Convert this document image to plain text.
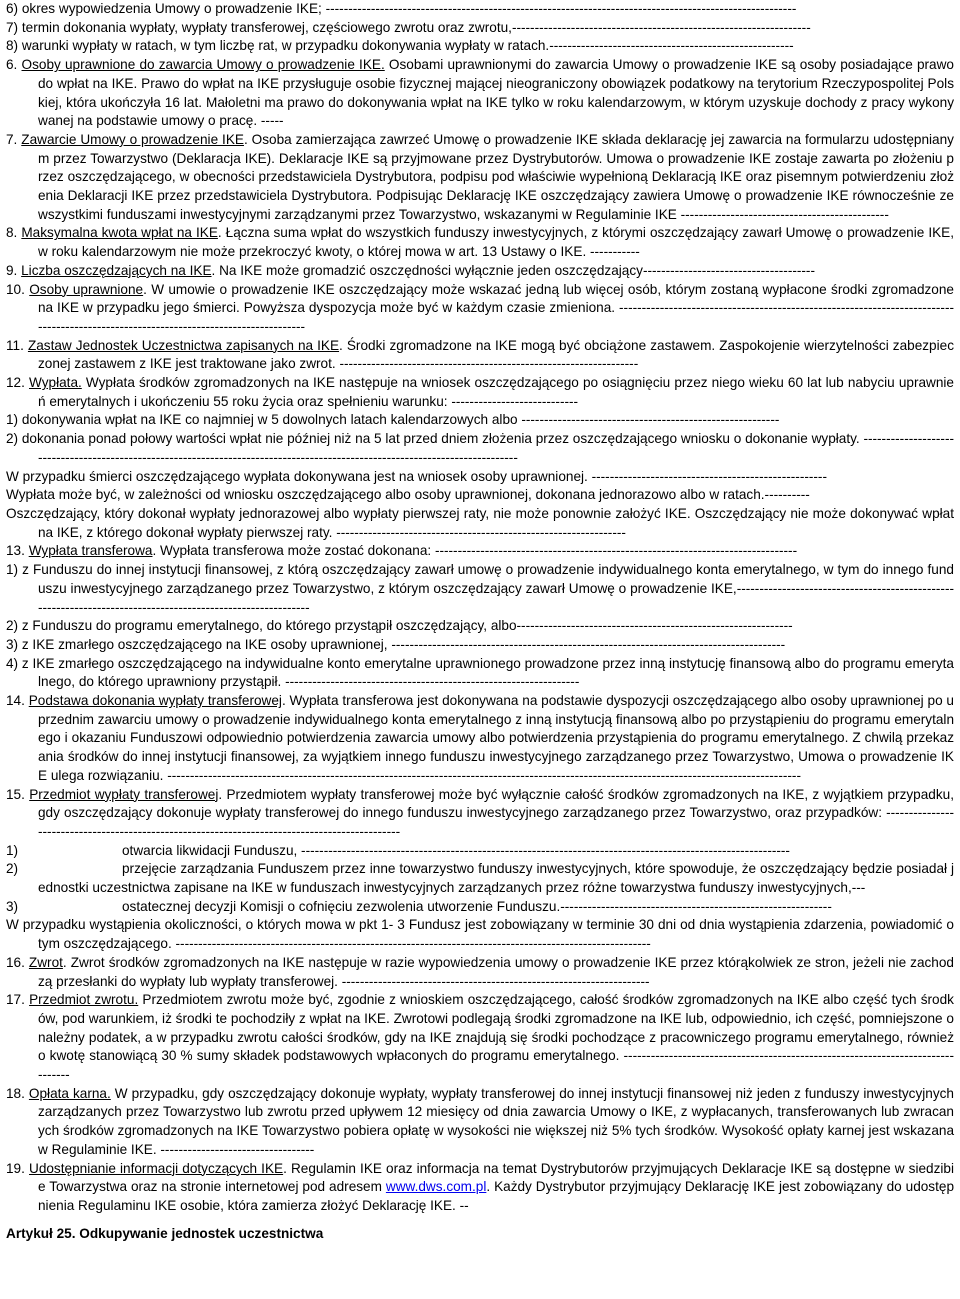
6) okres wypowiedzenia Umowy o prowadzenie IKE; --------------------------------------------------------------------------------------------------------

7) termin dokonania wypłaty, wypłaty transferowej, częściowego zwrotu oraz zwrotu,------------------------------------------------------------------

8) warunki wypłaty w ratach, w tym liczbę rat, w przypadku dokonywania wypłaty w ratach.------------------------------------------------------

6. Osoby uprawnione do zawarcia Umowy o prowadzenie IKE. Osobami uprawnionymi do zawarcia Umowy o prowadzenie IKE są osoby posiadające prawo do wpłat na IKE. Prawo do wpłat na IKE przysługuje osobie fizycznej mającej nieograniczony obowiązek podatkowy na terytorium Rzeczypospolitej Polskiej, która ukończyła 16 lat. Małoletni ma prawo do dokonywania wpłat na IKE tylko w roku kalendarzowym, w którym uzyskuje dochody z pracy wykonywanej na podstawie umowy o pracę. -----

7. Zawarcie Umowy o prowadzenie IKE. Osoba zamierzająca zawrzeć Umowę o prowadzenie IKE składa deklarację jej zawarcia na formularzu udostępnianym przez Towarzystwo (Deklaracja IKE). Deklaracje IKE są przyjmowane przez Dystrybutorów. Umowa o prowadzenie IKE zostaje zawarta po złożeniu przez oszczędzającego, w obecności przedstawiciela Dystrybutora, podpisu pod właściwie wypełnioną Deklaracją IKE oraz pisemnym potwierdzeniu złożenia Deklaracji IKE przez przedstawiciela Dystrybutora. Podpisując Deklarację IKE oszczędzający zawiera Umowę o prowadzenie IKE równocześnie ze wszystkimi funduszami inwestycyjnymi zarządzanymi przez Towarzystwo, wskazanymi w Regulaminie IKE ----------------------------------------------

8. Maksymalna kwota wpłat na IKE. Łączna suma wpłat do wszystkich funduszy inwestycyjnych, z którymi oszczędzający zawarł Umowę o prowadzenie IKE, w roku kalendarzowym nie może przekroczyć kwoty, o której mowa w art. 13 Ustawy o IKE. -----------

9. Liczba oszczędzających na IKE. Na IKE może gromadzić oszczędności wyłącznie jeden oszczędzający--------------------------------------

10. Osoby uprawnione. W umowie o prowadzenie IKE oszczędzający może wskazać jedną lub więcej osób, którym zostaną wypłacone środki zgromadzone na IKE w przypadku jego śmierci. Powyższa dyspozycja może być w każdym czasie zmieniona. -------------------------------------------------------------------------------------------------------------------------------------

11. Zastaw Jednostek Uczestnictwa zapisanych na IKE. Środki zgromadzone na IKE mogą być obciążone zastawem. Zaspokojenie wierzytelności zabezpieczonej zastawem z IKE jest traktowane jako zwrot. ------------------------------------------------------------------

12. Wypłata. Wypłata środków zgromadzonych na IKE następuje na wniosek oszczędzającego po osiągnięciu przez niego wieku 60 lat lub nabyciu uprawnień emerytalnych i ukończeniu 55 roku życia oraz spełnieniu warunku: ----------------------------

1) dokonywania wpłat na IKE co najmniej w 5 dowolnych latach kalendarzowych albo ---------------------------------------------------------

2) dokonania ponad połowy wartości wpłat nie później niż na 5 lat przed dniem złożenia przez oszczędzającego wniosku o dokonanie wypłaty. ------------------------------------------------------------------------------------------------------------------------------

W przypadku śmierci oszczędzającego wypłata dokonywana jest na wniosek osoby uprawnionej. ----------------------------------------------------

Wypłata może być, w zależności od wniosku oszczędzającego albo osoby uprawnionej, dokonana jednorazowo albo w ratach.----------

Oszczędzający, który dokonał wypłaty jednorazowej albo wypłaty pierwszej raty, nie może ponownie założyć IKE. Oszczędzający nie może dokonywać wpłat na IKE, z którego dokonał wypłaty pierwszej raty. ----------------------------------------------------------------

13. Wypłata transferowa. Wypłata transferowa może zostać dokonana: --------------------------------------------------------------------------------

1) z Funduszu do innej instytucji finansowej, z którą oszczędzający zawarł umowę o prowadzenie indywidualnego konta emerytalnego, w tym do innego funduszu inwestycyjnego zarządzanego przez Towarzystwo, z którym oszczędzający zawarł Umowę o prowadzenie IKE,------------------------------------------------------------------------------------------------------------

2) z Funduszu do programu emerytalnego, do którego przystąpił oszczędzający, albo-------------------------------------------------------------

3) z IKE zmarłego oszczędzającego na IKE osoby uprawnionej, ---------------------------------------------------------------------------------------

4) z IKE zmarłego oszczędzającego na indywidualne konto emerytalne uprawnionego prowadzone przez inną instytucję finansową albo do programu emerytalnego, do którego uprawniony przystąpił. -----------------------------------------------------------------

14. Podstawa dokonania wypłaty transferowej. Wypłata transferowa jest dokonywana na podstawie dyspozycji oszczędzającego albo osoby uprawnionej po uprzednim zawarciu umowy o prowadzenie indywidualnego konta emerytalnego z inną instytucją finansową albo po przystąpieniu do programu emerytalnego i okazaniu Funduszowi odpowiednio potwierdzenia zawarcia umowy albo potwierdzenia przystąpienia do programu emerytalnego. Z chwilą przekazania środków do innej instytucji finansowej, za wyjątkiem innego funduszu inwestycyjnego zarządzanego przez Towarzystwo, Umowa o prowadzenie IKE ulega rozwiązaniu. --------------------------------------------------------------------------------------------------------------------------------------------

15. Przedmiot wypłaty transferowej. Przedmiotem wypłaty transferowej może być wyłącznie całość środków zgromadzonych na IKE, z wyjątkiem przypadku, gdy oszczędzający dokonuje wypłaty transferowej do innego funduszu inwestycyjnego zarządzanego przez Towarzystwo, oraz przypadków: -----------------------------------------------------------------------------------------------

1)	otwarcia likwidacji Funduszu, ------------------------------------------------------------------------------------------------------------

2)	przejęcie zarządzania Funduszem przez inne towarzystwo funduszy inwestycyjnych, które spowoduje, że oszczędzający będzie posiadał jednostki uczestnictwa zapisane na IKE w funduszach inwestycyjnych zarządzanych przez różne towarzystwa funduszy inwestycyjnych,---

3)	ostatecznej decyzji Komisji o cofnięciu zezwolenia utworzenie Funduszu.------------------------------------------------------------

W przypadku wystąpienia okoliczności, o których mowa w pkt 1- 3 Fundusz jest zobowiązany w terminie 30 dni od dnia wystąpienia zdarzenia, powiadomić o tym oszczędzającego. ---------------------------------------------------------------------------------------------------------

16. Zwrot. Zwrot środków zgromadzonych na IKE następuje w razie wypowiedzenia umowy o prowadzenie IKE przez którąkolwiek ze stron, jeżeli nie zachodzą przesłanki do wypłaty lub wypłaty transferowej. --------------------------------------------------------------------

17. Przedmiot zwrotu. Przedmiotem zwrotu może być, zgodnie z wnioskiem oszczędzającego, całość środków zgromadzonych na IKE albo część tych środków, pod warunkiem, iż środki te pochodziły z wpłat na IKE. Zwrotowi podlegają środki zgromadzone na IKE lub, odpowiednio, ich część, pomniejszone o należny podatek, a w przypadku zwrotu całości środków, gdy na IKE znajdują się środki pochodzące z pracowniczego programu emerytalnego, również o kwotę stanowiącą 30 % sumy składek podstawowych wpłaconych do programu emerytalnego. --------------------------------------------------------------------------------

18. Opłata karna. W przypadku, gdy oszczędzający dokonuje wypłaty, wypłaty transferowej do innej instytucji finansowej niż jeden z funduszy inwestycyjnych zarządzanych przez Towarzystwo lub zwrotu przed upływem 12 miesięcy od dnia zawarcia Umowy o IKE, z wypłacanych, transferowanych lub zwracanych środków zgromadzonych na IKE Towarzystwo pobiera opłatę w wysokości nie większej niż 5% tych środków. Wysokość opłaty karnej jest wskazana w Regulaminie IKE. ----------------------------------

19. Udostępnianie informacji dotyczących IKE. Regulamin IKE oraz informacja na temat Dystrybutorów przyjmujących Deklaracje IKE są dostępne w siedzibie Towarzystwa oraz na stronie internetowej pod adresem www.dws.com.pl. Każdy Dystrybutor przyjmujący Deklarację IKE jest zobowiązany do udostępnienia Regulaminu IKE osobie, która zamierza złożyć Deklarację IKE. --

Artykuł 25. Odkupywanie jednostek uczestnictwa
